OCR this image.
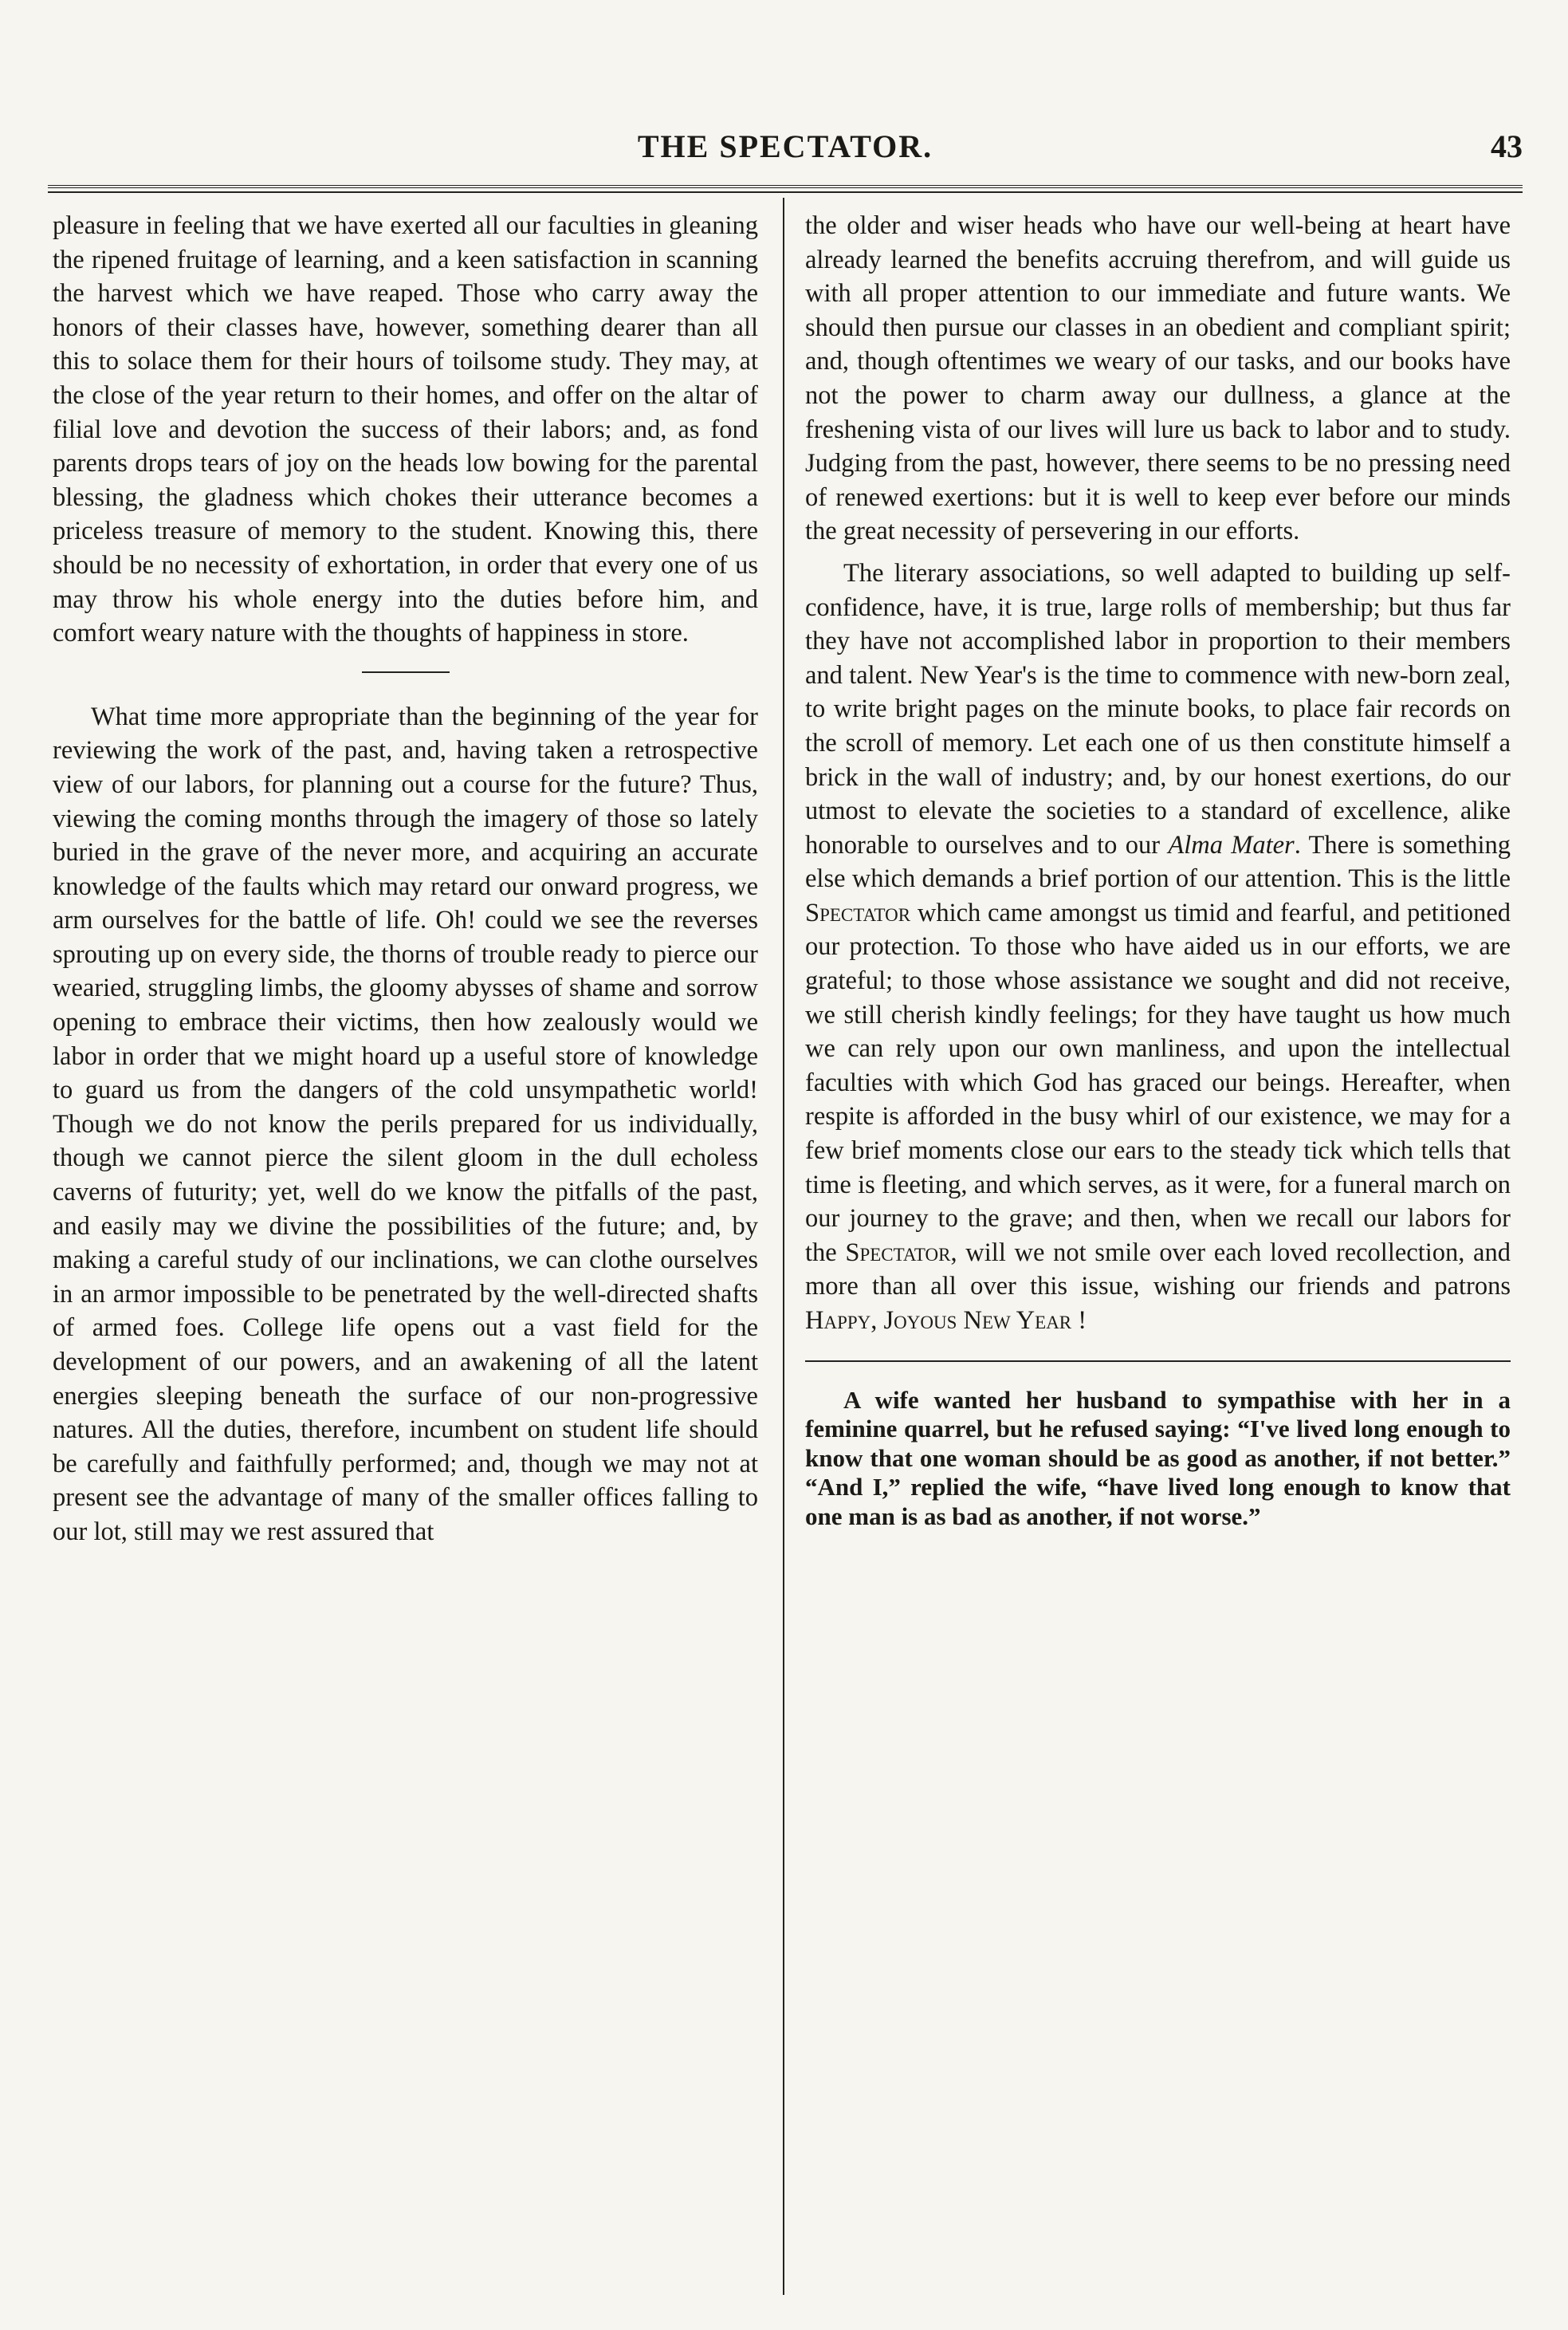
THE SPECTATOR.	43

pleasure in feeling that we have exerted all our faculties in gleaning the ripened fruitage of learning, and a keen satisfaction in scanning the harvest which we have reaped. Those who carry away the honors of their classes have, however, something dearer than all this to solace them for their hours of toilsome study. They may, at the close of the year return to their homes, and offer on the altar of filial love and devotion the success of their labors; and, as fond parents drops tears of joy on the heads low bowing for the parental blessing, the gladness which chokes their utterance becomes a priceless treasure of memory to the student. Knowing this, there should be no necessity of exhortation, in order that every one of us may throw his whole energy into the duties before him, and comfort weary nature with the thoughts of happiness in store.

What time more appropriate than the beginning of the year for reviewing the work of the past, and, having taken a retrospective view of our labors, for planning out a course for the future? Thus, viewing the coming months through the imagery of those so lately buried in the grave of the never more, and acquiring an accurate knowledge of the faults which may retard our onward progress, we arm ourselves for the battle of life. Oh! could we see the reverses sprouting up on every side, the thorns of trouble ready to pierce our wearied, struggling limbs, the gloomy abysses of shame and sorrow opening to embrace their victims, then how zealously would we labor in order that we might hoard up a useful store of knowledge to guard us from the dangers of the cold unsympathetic world! Though we do not know the perils prepared for us individually, though we cannot pierce the silent gloom in the dull echoless caverns of futurity; yet, well do we know the pitfalls of the past, and easily may we divine the possibilities of the future; and, by making a careful study of our inclinations, we can clothe ourselves in an armor impossible to be penetrated by the well-directed shafts of armed foes. College life opens out a vast field for the development of our powers, and an awakening of all the latent energies sleeping beneath the surface of our non-progressive natures. All the duties, therefore, incumbent on student life should be carefully and faithfully performed; and, though we may not at present see the advantage of many of the smaller offices falling to our lot, still may we rest assured that

the older and wiser heads who have our well-being at heart have already learned the benefits accruing therefrom, and will guide us with all proper attention to our immediate and future wants. We should then pursue our classes in an obedient and compliant spirit; and, though oftentimes we weary of our tasks, and our books have not the power to charm away our dullness, a glance at the freshening vista of our lives will lure us back to labor and to study. Judging from the past, however, there seems to be no pressing need of renewed exertions: but it is well to keep ever before our minds the great necessity of persevering in our efforts.

The literary associations, so well adapted to building up self-confidence, have, it is true, large rolls of membership; but thus far they have not accomplished labor in proportion to their members and talent. New Year's is the time to commence with new-born zeal, to write bright pages on the minute books, to place fair records on the scroll of memory. Let each one of us then constitute himself a brick in the wall of industry; and, by our honest exertions, do our utmost to elevate the societies to a standard of excellence, alike honorable to ourselves and to our Alma Mater. There is something else which demands a brief portion of our attention. This is the little Spectator which came amongst us timid and fearful, and petitioned our protection. To those who have aided us in our efforts, we are grateful; to those whose assistance we sought and did not receive, we still cherish kindly feelings; for they have taught us how much we can rely upon our own manliness, and upon the intellectual faculties with which God has graced our beings. Hereafter, when respite is afforded in the busy whirl of our existence, we may for a few brief moments close our ears to the steady tick which tells that time is fleeting, and which serves, as it were, for a funeral march on our journey to the grave; and then, when we recall our labors for the Spectator, will we not smile over each loved recollection, and more than all over this issue, wishing our friends and patrons Happy, Joyous New Year !

A wife wanted her husband to sympathise with her in a feminine quarrel, but he refused saying: “I've lived long enough to know that one woman should be as good as another, if not better.” “And I,” replied the wife, “have lived long enough to know that one man is as bad as another, if not worse.”
